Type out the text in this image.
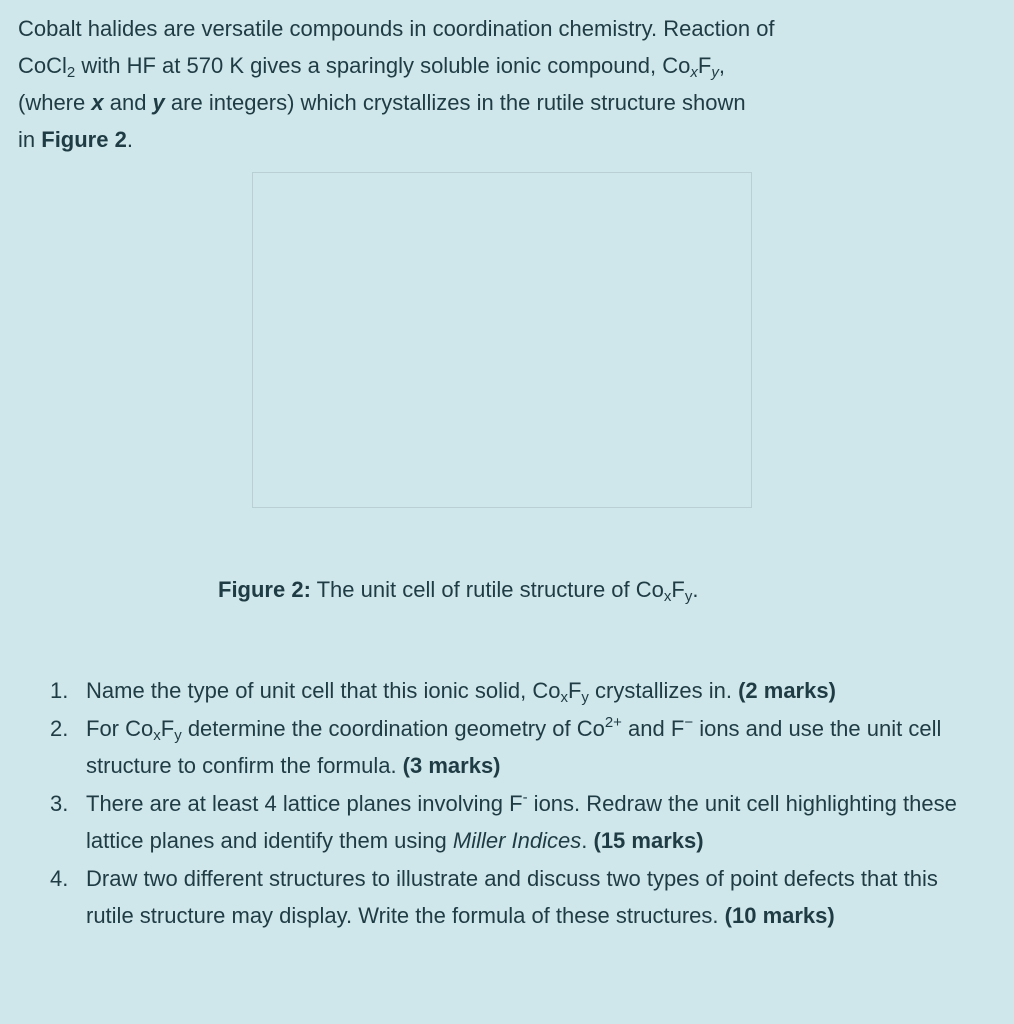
Cobalt halides are versatile compounds in coordination chemistry. Reaction of
CoCl$_2$ with HF at 570 K gives a sparingly soluble ionic compound, $Co_xF_y$,
(where x and y are integers) which crystallizes in the rutile structure shown
in Figure 2.

Figure 2: The unit cell of rutile structure of $Co_xF_y$.

1. Name the type of unit cell that this ionic solid, $Co_xF_y$ crystallizes in. (2 marks)
2. For $Co_xF_y$ determine the coordination geometry of $Co^{2+}$ and F− ions and use the unit cell structure to confirm the formula. (3 marks)
3. There are at least 4 lattice planes involving F- ions. Redraw the unit cell highlighting these lattice planes and identify them using Miller Indices. (15 marks)
4. Draw two different structures to illustrate and discuss two types of point defects that this rutile structure may display. Write the formula of these structures. (10 marks)
